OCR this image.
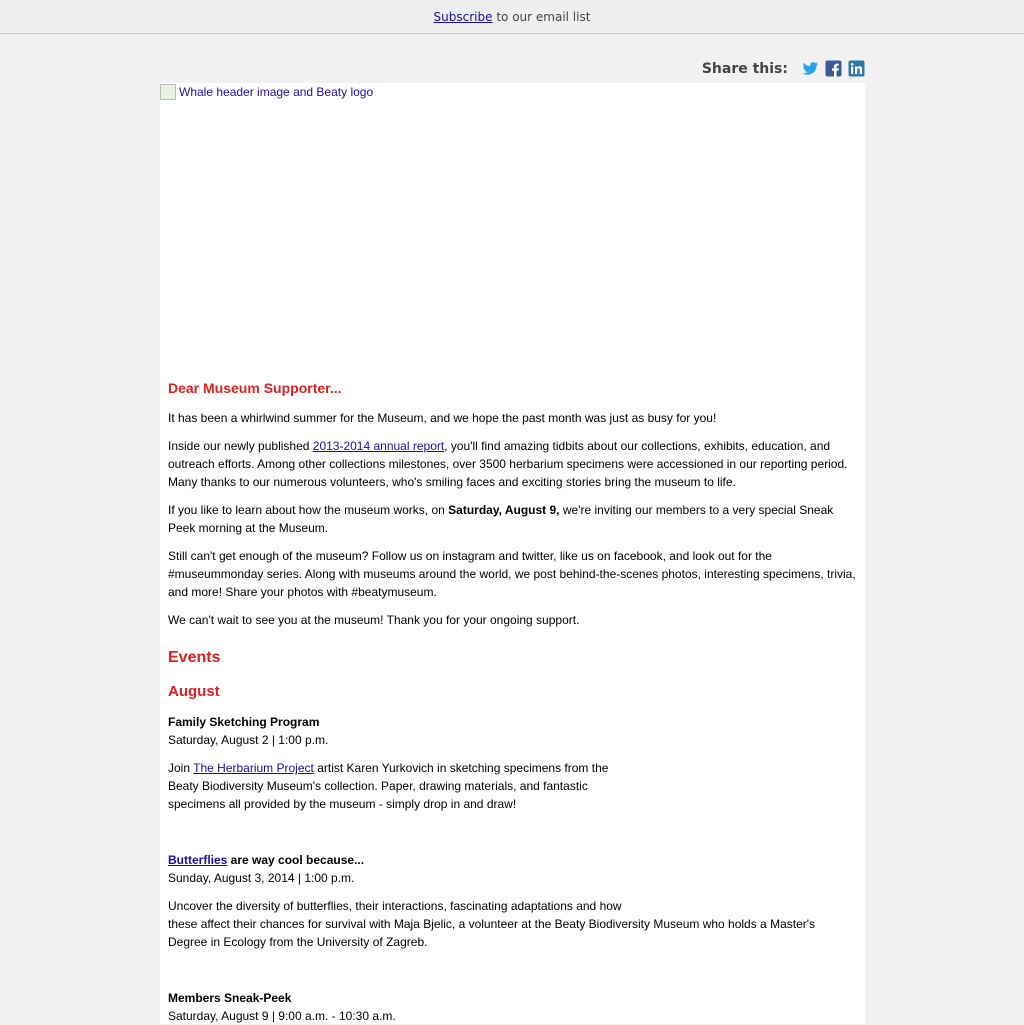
Subscribe to our email list
Share this:
Whale header image and Beaty logo
Dear Museum Supporter...

It has been a whirlwind summer for the Museum, and we hope the past month was just as busy for you!

Inside our newly published 2013-2014 annual report, you'll find amazing tidbits about our collections, exhibits, education, and outreach efforts. Among other collections milestones, over 3500 herbarium specimens were accessioned in our reporting period. Many thanks to our numerous volunteers, who's smiling faces and exciting stories bring the museum to life.

If you like to learn about how the museum works, on Saturday, August 9, we're inviting our members to a very special Sneak Peek morning at the Museum.

Still can't get enough of the museum? Follow us on instagram and twitter, like us on facebook, and look out for the #museummonday series. Along with museums around the world, we post behind-the-scenes photos, interesting specimens, trivia, and more! Share your photos with #beatymuseum.

We can't wait to see you at the museum! Thank you for your ongoing support.

Events
August

Family Sketching Program

Saturday, August 2 | 1:00 p.m.

Join The Herbarium Project artist Karen Yurkovich in sketching specimens from the
Beaty Biodiversity Museum's collection. Paper, drawing materials, and fantastic
specimens all provided by the museum - simply drop in and draw!

Butterflies are way cool because...

Sunday, August 3, 2014 | 1:00 p.m.

Uncover the diversity of butterflies, their interactions, fascinating adaptations and how
these affect their chances for survival with Maja Bjelic, a volunteer at the Beaty Biodiversity Museum who holds a Master's Degree in Ecology from the University of Zagreb.

Members Sneak-Peek

Saturday, August 9 | 9:00 a.m. - 10:30 a.m.
